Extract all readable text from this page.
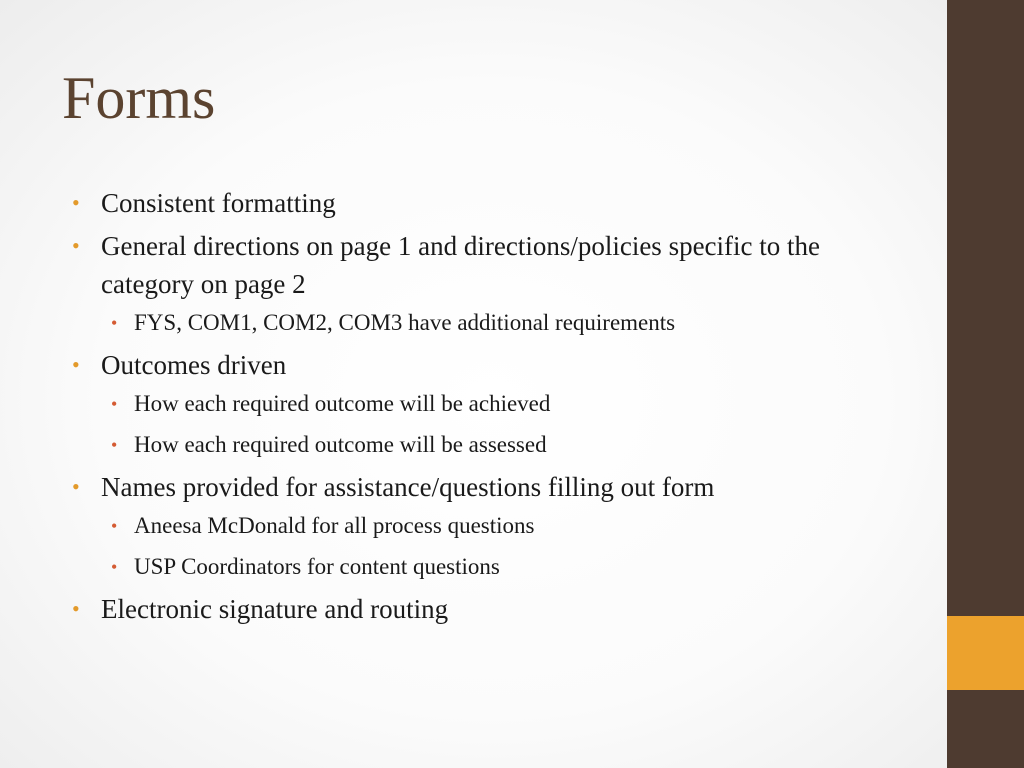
Forms
• Consistent formatting
• General directions on page 1 and directions/policies specific to the category on page 2
• FYS, COM1, COM2, COM3 have additional requirements
• Outcomes driven
• How each required outcome will be achieved
• How each required outcome will be assessed
• Names provided for assistance/questions filling out form
• Aneesa McDonald for all process questions
• USP Coordinators for content questions
• Electronic signature and routing
